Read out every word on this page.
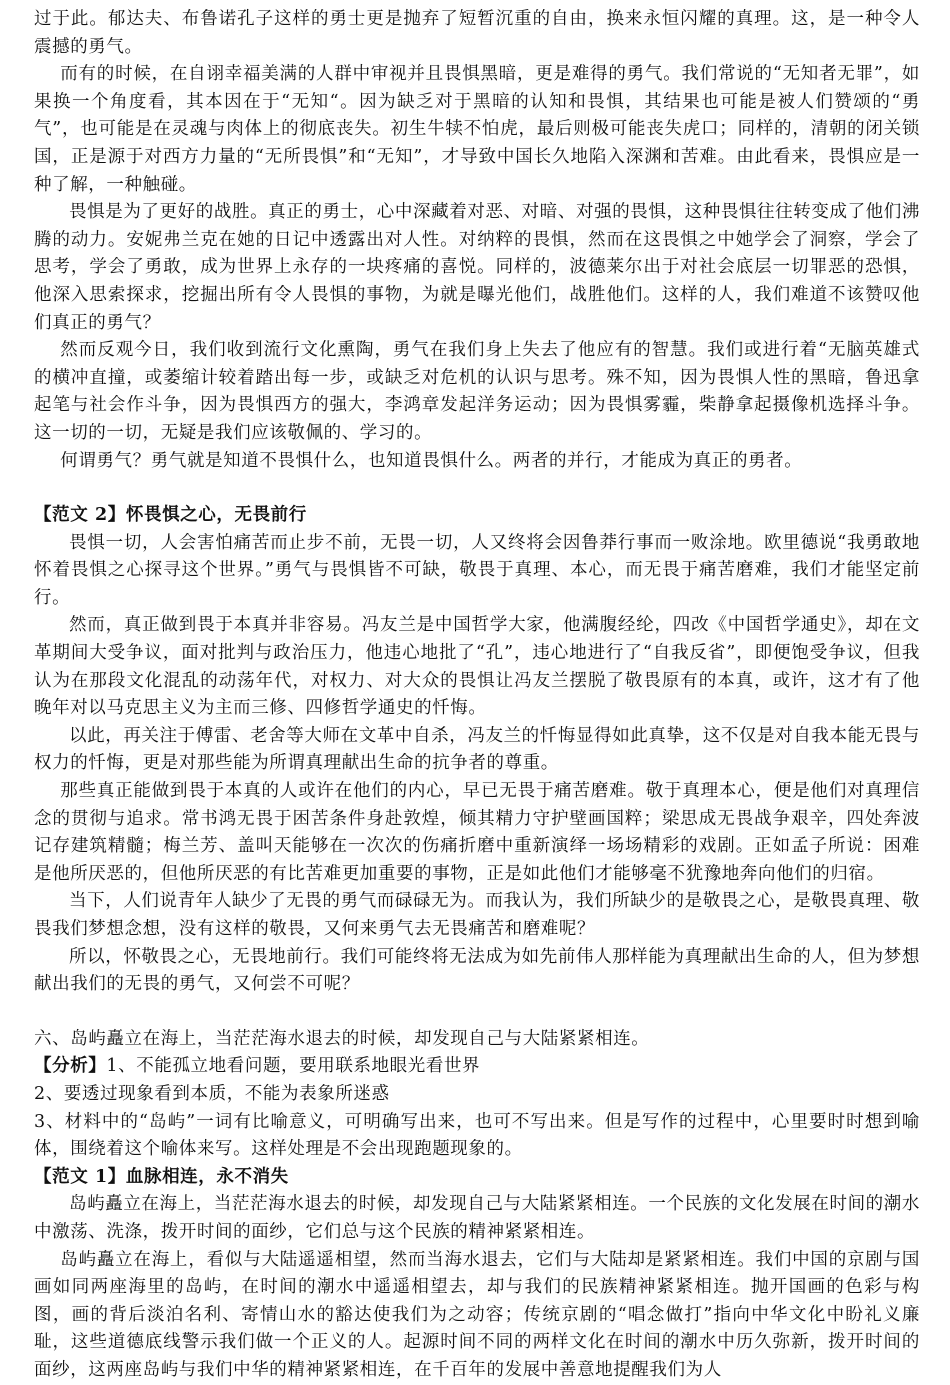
过于此。郁达夫、布鲁诺孔子这样的勇士更是抛弃了短暂沉重的自由，换来永恒闪耀的真理。这，是一种令人震撼的勇气。

而有的时候，在自诩幸福美满的人群中审视并且畏惧黑暗，更是难得的勇气。我们常说的“无知者无罪”，如果换一个角度看，其本因在于“无知“。因为缺乏对于黑暗的认知和畏惧，其结果也可能是被人们赞颂的“勇气”，也可能是在灵魂与肉体上的彻底丧失。初生牛犊不怕虎，最后则极可能丧失虎口；同样的，清朝的闭关锁国，正是源于对西方力量的“无所畏惧”和“无知”，才导致中国长久地陷入深渊和苦难。由此看来，畏惧应是一种了解，一种触碰。

畏惧是为了更好的战胜。真正的勇士，心中深藏着对恶、对暗、对强的畏惧，这种畏惧往往转变成了他们沸腾的动力。安妮弗兰克在她的日记中透露出对人性。对纳粹的畏惧，然而在这畏惧之中她学会了洞察，学会了思考，学会了勇敢，成为世界上永存的一块疼痛的喜悦。同样的，波德莱尔出于对社会底层一切罪恶的恐惧，他深入思索探求，挖掘出所有令人畏惧的事物，为就是曝光他们，战胜他们。这样的人，我们难道不该赞叹他们真正的勇气？

然而反观今日，我们收到流行文化熏陶，勇气在我们身上失去了他应有的智慧。我们或进行着“无脑英雄式的横冲直撞，或萎缩计较着踏出每一步，或缺乏对危机的认识与思考。殊不知，因为畏惧人性的黑暗，鲁迅拿起笔与社会作斗争，因为畏惧西方的强大，李鸿章发起洋务运动；因为畏惧雾霾，柴静拿起摄像机选择斗争。这一切的一切，无疑是我们应该敬佩的、学习的。

何谓勇气？勇气就是知道不畏惧什么，也知道畏惧什么。两者的并行，才能成为真正的勇者。

【范文 2】怀畏惧之心，无畏前行

畏惧一切，人会害怕痛苦而止步不前，无畏一切，人又终将会因鲁莽行事而一败涂地。欧里德说“我勇敢地怀着畏惧之心探寻这个世界。”勇气与畏惧皆不可缺，敬畏于真理、本心，而无畏于痛苦磨难，我们才能坚定前行。

然而，真正做到畏于本真并非容易。冯友兰是中国哲学大家，他满腹经纶，四改《中国哲学通史》，却在文革期间大受争议，面对批判与政治压力，他违心地批了“孔”，违心地进行了“自我反省”，即便饱受争议，但我认为在那段文化混乱的动荡年代，对权力、对大众的畏惧让冯友兰摆脱了敬畏原有的本真，或许，这才有了他晚年对以马克思主义为主而三修、四修哲学通史的忏悔。

以此，再关注于傅雷、老舍等大师在文革中自杀，冯友兰的忏悔显得如此真挚，这不仅是对自我本能无畏与权力的忏悔，更是对那些能为所谓真理献出生命的抗争者的尊重。

那些真正能做到畏于本真的人或许在他们的内心，早已无畏于痛苦磨难。敬于真理本心，便是他们对真理信念的贯彻与追求。常书鸿无畏于困苦条件身赴敦煌，倾其精力守护壁画国粹；梁思成无畏战争艰辛，四处奔波记存建筑精髓；梅兰芳、盖叫天能够在一次次的伤痛折磨中重新演绎一场场精彩的戏剧。正如孟子所说：困难是他所厌恶的，但他所厌恶的有比苦难更加重要的事物，正是如此他们才能够毫不犹豫地奔向他们的归宿。

当下，人们说青年人缺少了无畏的勇气而碌碌无为。而我认为，我们所缺少的是敬畏之心，是敬畏真理、敬畏我们梦想念想，没有这样的敬畏，又何来勇气去无畏痛苦和磨难呢？

所以，怀敬畏之心，无畏地前行。我们可能终将无法成为如先前伟人那样能为真理献出生命的人，但为梦想献出我们的无畏的勇气，又何尝不可呢？

六、岛屿矗立在海上，当茫茫海水退去的时候，却发现自己与大陆紧紧相连。

【分析】1、不能孤立地看问题，要用联系地眼光看世界

2、要透过现象看到本质，不能为表象所迷惑

3、材料中的“岛屿”一词有比喻意义，可明确写出来，也可不写出来。但是写作的过程中，心里要时时想到喻体，围绕着这个喻体来写。这样处理是不会出现跑题现象的。

【范文 1】血脉相连，永不消失

岛屿矗立在海上，当茫茫海水退去的时候，却发现自己与大陆紧紧相连。一个民族的文化发展在时间的潮水中激荡、洗涤，拨开时间的面纱，它们总与这个民族的精神紧紧相连。

岛屿矗立在海上，看似与大陆遥遥相望，然而当海水退去，它们与大陆却是紧紧相连。我们中国的京剧与国画如同两座海里的岛屿，在时间的潮水中遥遥相望去，却与我们的民族精神紧紧相连。抛开国画的色彩与构图，画的背后淡泊名利、寄情山水的豁达使我们为之动容；传统京剧的“唱念做打”指向中华文化中盼礼义廉耻，这些道德底线警示我们做一个正义的人。起源时间不同的两样文化在时间的潮水中历久弥新，拨开时间的面纱，这两座岛屿与我们中华的精神紧紧相连，在千百年的发展中善意地提醒我们为人
